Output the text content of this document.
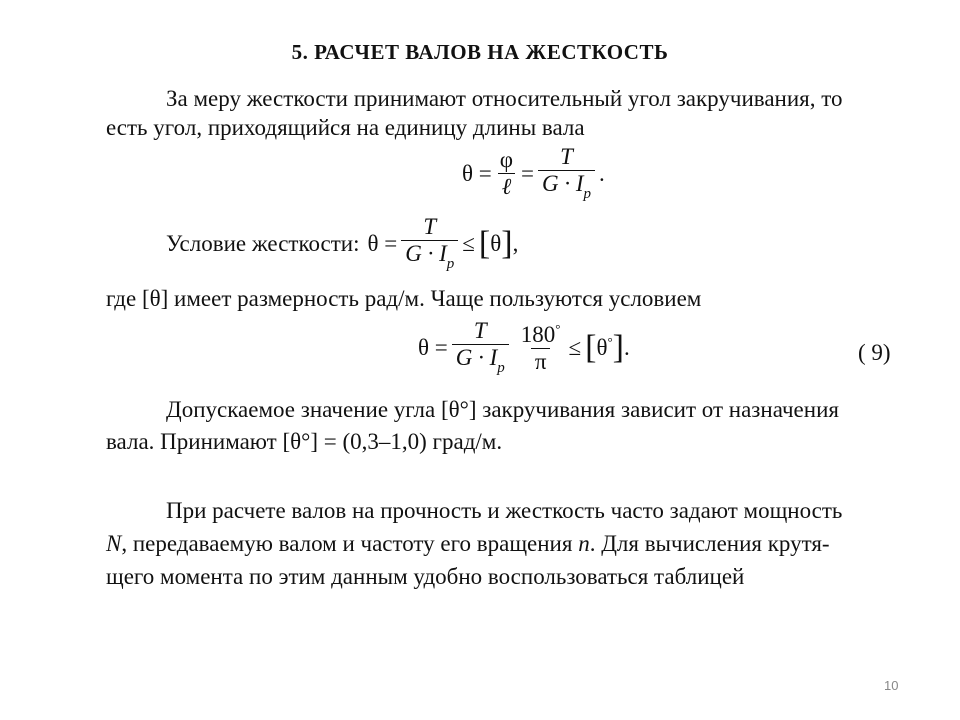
5. РАСЧЕТ ВАЛОВ НА ЖЕСТКОСТЬ
За меру жесткости принимают относительный угол закручивания, то
есть угол, приходящийся на единицу длины вала
$\theta = \frac{\varphi}{\text{ℓ}} = \frac{T}{G \cdot I_p}$ .
Условие жесткости: $\theta = \frac{T}{G \cdot I_p} \le [\theta]$ ,
где [θ] имеет размерность рад/м. Чаще пользуются условием
$\theta = \frac{T}{G \cdot I_p} \frac{180^\circ}{\pi} \le [\theta^\circ]$ .	( 9)
Допускаемое значение угла [θ°] закручивания зависит от назначения
вала. Принимают [θ°] = (0,3–1,0) град/м.
При расчете валов на прочность и жесткость часто задают мощность
N, передаваемую валом и частоту его вращения n. Для вычисления крутя-
щего момента по этим данным удобно воспользоваться таблицей
10
